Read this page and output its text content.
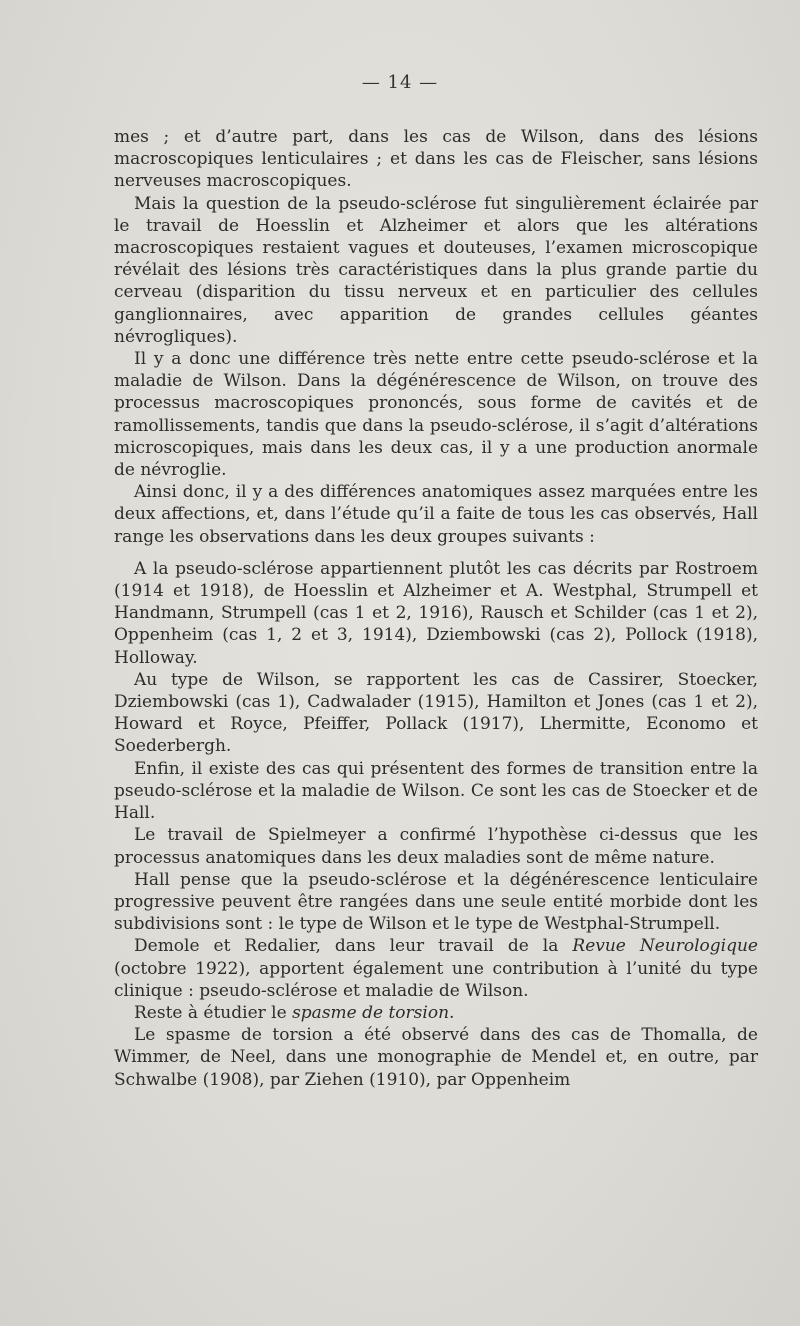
— 14 —

mes ; et d’autre part, dans les cas de Wilson, dans des lésions macroscopiques lenticulaires ; et dans les cas de Fleischer, sans lésions nerveuses macroscopiques.

Mais la question de la pseudo-sclérose fut singulièrement éclairée par le travail de Hoesslin et Alzheimer et alors que les altérations macroscopiques restaient vagues et douteuses, l’examen microscopique révélait des lésions très caractéristiques dans la plus grande partie du cerveau (disparition du tissu nerveux et en particulier des cellules ganglionnaires, avec apparition de grandes cellules géantes névrogliques).

Il y a donc une différence très nette entre cette pseudo-sclérose et la maladie de Wilson. Dans la dégénérescence de Wilson, on trouve des processus macroscopiques prononcés, sous forme de cavités et de ramollissements, tandis que dans la pseudo-sclérose, il s’agit d’altérations microscopiques, mais dans les deux cas, il y a une production anormale de névroglie.

Ainsi donc, il y a des différences anatomiques assez marquées entre les deux affections, et, dans l’étude qu’il a faite de tous les cas observés, Hall range les observations dans les deux groupes suivants :

A la pseudo-sclérose appartiennent plutôt les cas décrits par Rostroem (1914 et 1918), de Hoesslin et Alzheimer et A. Westphal, Strumpell et Handmann, Strumpell (cas 1 et 2, 1916), Rausch et Schilder (cas 1 et 2), Oppenheim (cas 1, 2 et 3, 1914), Dziembowski (cas 2), Pollock (1918), Holloway.

Au type de Wilson, se rapportent les cas de Cassirer, Stoecker, Dziembowski (cas 1), Cadwalader (1915), Hamilton et Jones (cas 1 et 2), Howard et Royce, Pfeiffer, Pollack (1917), Lhermitte, Economo et Soederbergh.

Enfin, il existe des cas qui présentent des formes de transition entre la pseudo-sclérose et la maladie de Wilson. Ce sont les cas de Stoecker et de Hall.

Le travail de Spielmeyer a confirmé l’hypothèse ci-dessus que les processus anatomiques dans les deux maladies sont de même nature.

Hall pense que la pseudo-sclérose et la dégénérescence lenticulaire progressive peuvent être rangées dans une seule entité morbide dont les subdivisions sont : le type de Wilson et le type de Westphal-Strumpell.

Demole et Redalier, dans leur travail de la Revue Neurologique (octobre 1922), apportent également une contribution à l’unité du type clinique : pseudo-sclérose et maladie de Wilson.

Reste à étudier le spasme de torsion.

Le spasme de torsion a été observé dans des cas de Thomalla, de Wimmer, de Neel, dans une monographie de Mendel et, en outre, par Schwalbe (1908), par Ziehen (1910), par Oppenheim
